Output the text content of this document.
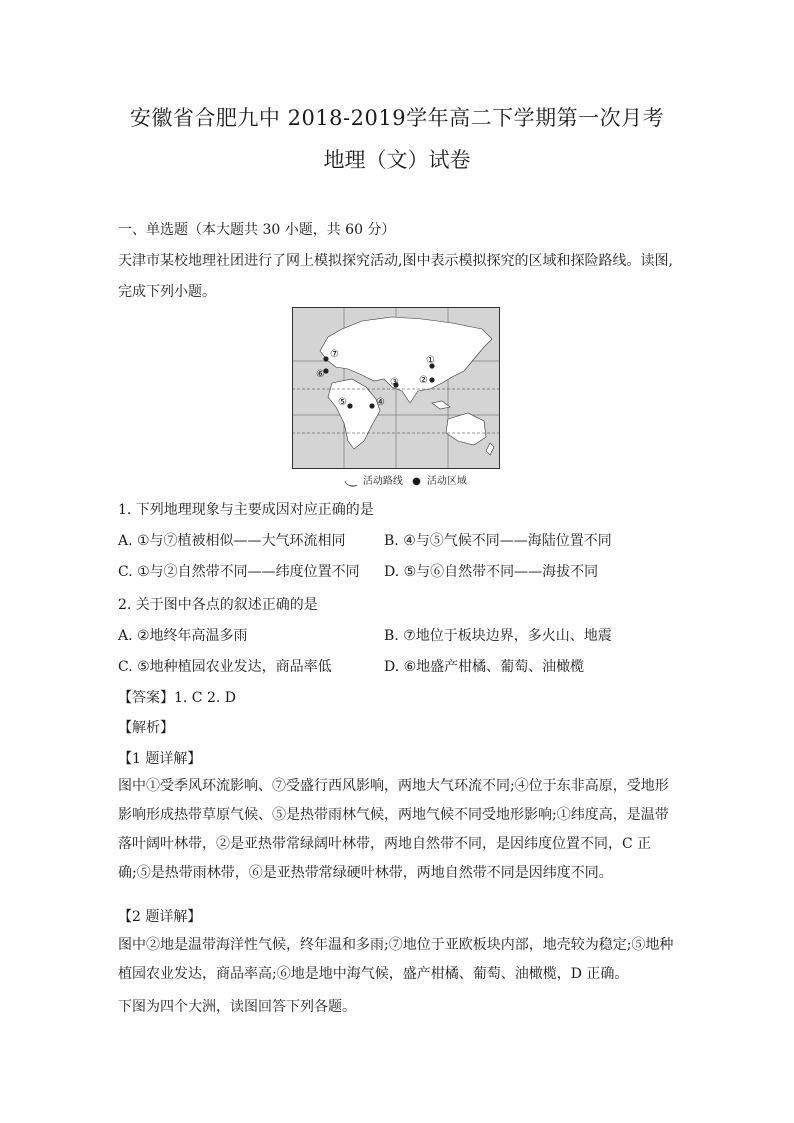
安徽省合肥九中 2018-2019学年高二下学期第一次月考
地理（文）试卷
一、单选题（本大题共 30 小题，共 60 分）
天津市某校地理社团进行了网上模拟探究活动,图中表示模拟探究的区域和探险路线。读图,
完成下列小题。
①
②
③
④
⑤
⑥
⑦
◟‿ 活动路线 ● 活动区域
1. 下列地理现象与主要成因对应正确的是
A. ①与⑦植被相似——大气环流相同	B. ④与⑤气候不同——海陆位置不同
C. ①与②自然带不同——纬度位置不同 D. ⑤与⑥自然带不同——海拔不同
2. 关于图中各点的叙述正确的是
A. ②地终年高温多雨	B. ⑦地位于板块边界，多火山、地震
C. ⑤地种植园农业发达，商品率低	D. ⑥地盛产柑橘、葡萄、油橄榄
【答案】1. C 2. D
【解析】
【1 题详解】
图中①受季风环流影响、⑦受盛行西风影响，两地大气环流不同;④位于东非高原，受地形影响形成热带草原气候、⑤是热带雨林气候，两地气候不同受地形影响;①纬度高，是温带落叶阔叶林带，②是亚热带常绿阔叶林带，两地自然带不同，是因纬度位置不同，C 正确;⑤是热带雨林带，⑥是亚热带常绿硬叶林带，两地自然带不同是因纬度不同。
【2 题详解】
图中②地是温带海洋性气候，终年温和多雨;⑦地位于亚欧板块内部，地壳较为稳定;⑤地种植园农业发达，商品率高;⑥地是地中海气候，盛产柑橘、葡萄、油橄榄，D 正确。
下图为四个大洲，读图回答下列各题。
